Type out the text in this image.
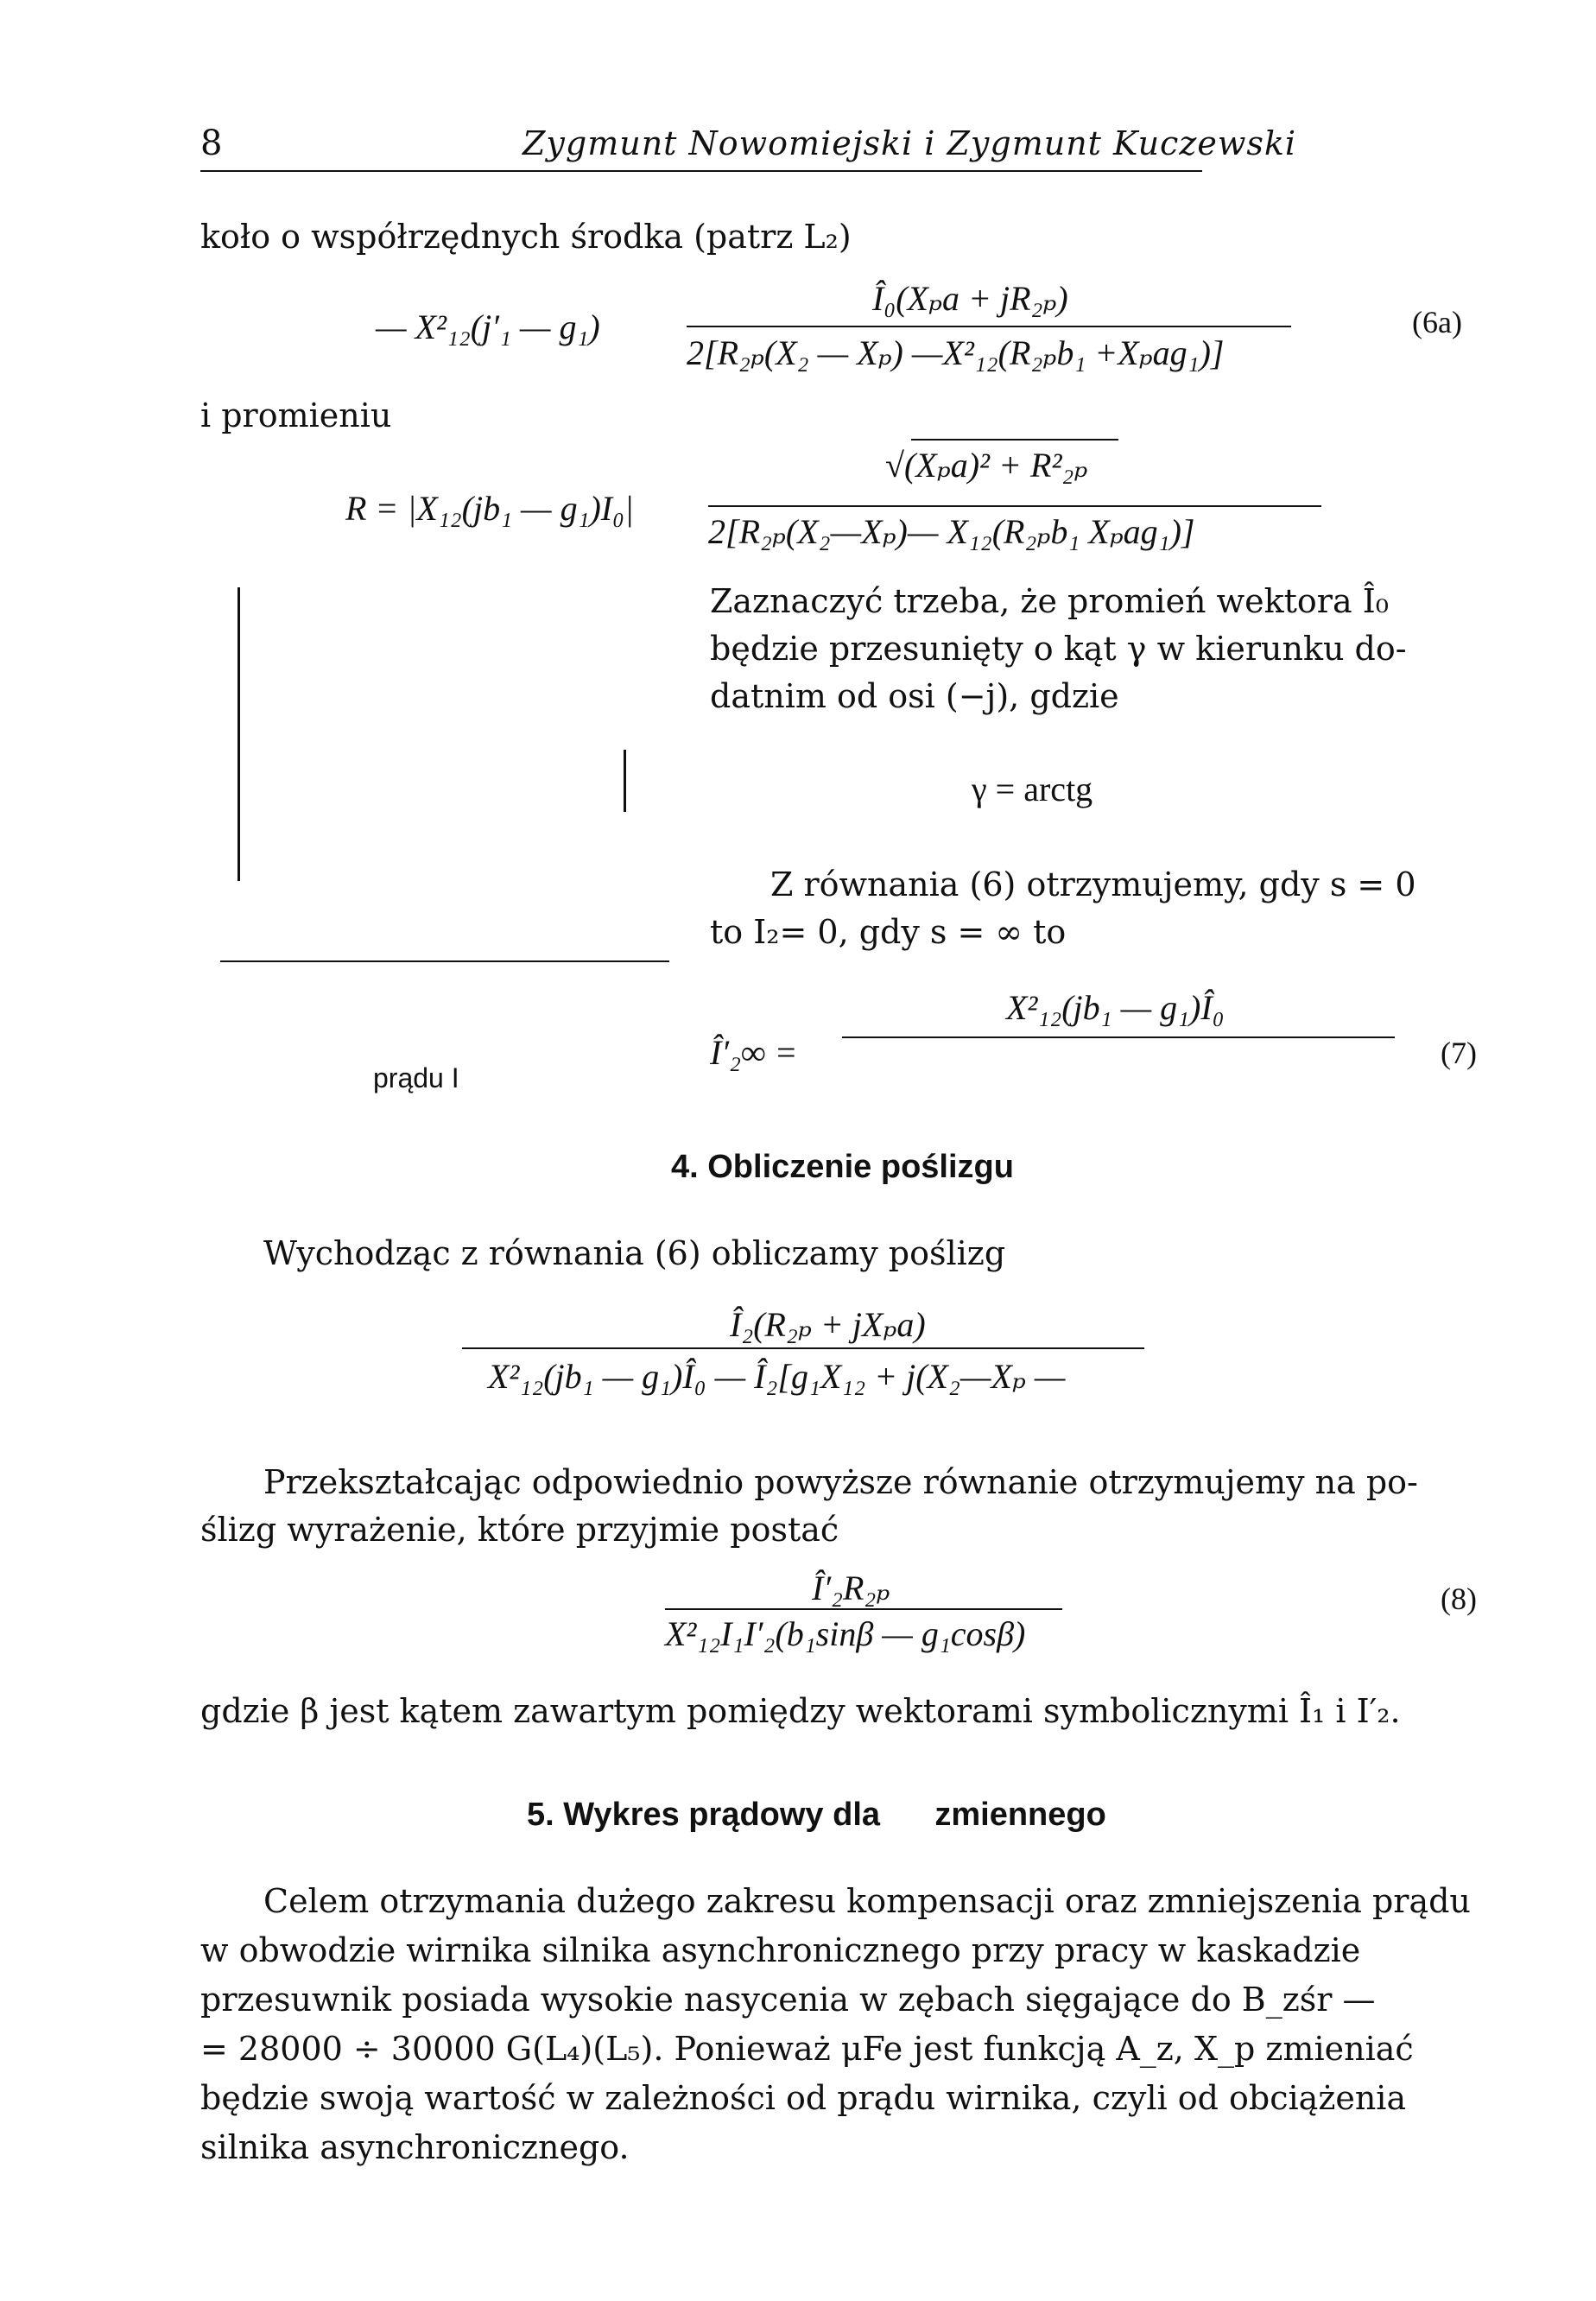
8	Zygmunt Nowomiejski i Zygmunt Kuczewski
koło o współrzędnych środka (patrz L₂)
— X²₁₂(j′₁ — g₁)
Î₀(Xₚa + jR₂ₚ)
2[R₂ₚ(X₂ — Xₚ) —X²₁₂(R₂ₚb₁ +Xₚag₁)]
(6a)
i promieniu
√(Xₚa)² + R²₂ₚ
R = |X₁₂(jb₁ — g₁)I₀|
2[R₂ₚ(X₂—Xₚ)— X₁₂(R₂ₚb₁ Xₚag₁)]
Zaznaczyć trzeba, że promień wektora Î₀
będzie przesunięty o kąt γ w kierunku do-
datnim od osi (−j), gdzie
γ = arctg
Z równania (6) otrzymujemy, gdy s = 0
to I₂= 0, gdy s = ∞ to
Î′₂∞ =
X²₁₂(jb₁ — g₁)Î₀
(7)
prądu I
4. Obliczenie poślizgu
Wychodząc z równania (6) obliczamy poślizg
Î₂(R₂ₚ + jXₚa)
X²₁₂(jb₁ — g₁)Î₀ — Î₂[g₁X₁₂ + j(X₂—Xₚ —
Przekształcając odpowiednio powyższe równanie otrzymujemy na po-
ślizg wyrażenie, które przyjmie postać
Î′₂R₂ₚ
X²₁₂I₁I′₂(b₁sinβ — g₁cosβ)
(8)
gdzie β jest kątem zawartym pomiędzy wektorami symbolicznymi Î₁ i I′₂.
5. Wykres prądowy dla      zmiennego
Celem otrzymania dużego zakresu kompensacji oraz zmniejszenia prądu
w obwodzie wirnika silnika asynchronicznego przy pracy w kaskadzie
przesuwnik posiada wysokie nasycenia w zębach sięgające do B_zśr —
= 28000 ÷ 30000 G(L₄)(L₅). Ponieważ μFe jest funkcją A_z, X_p zmieniać
będzie swoją wartość w zależności od prądu wirnika, czyli od obciążenia
silnika asynchronicznego.
